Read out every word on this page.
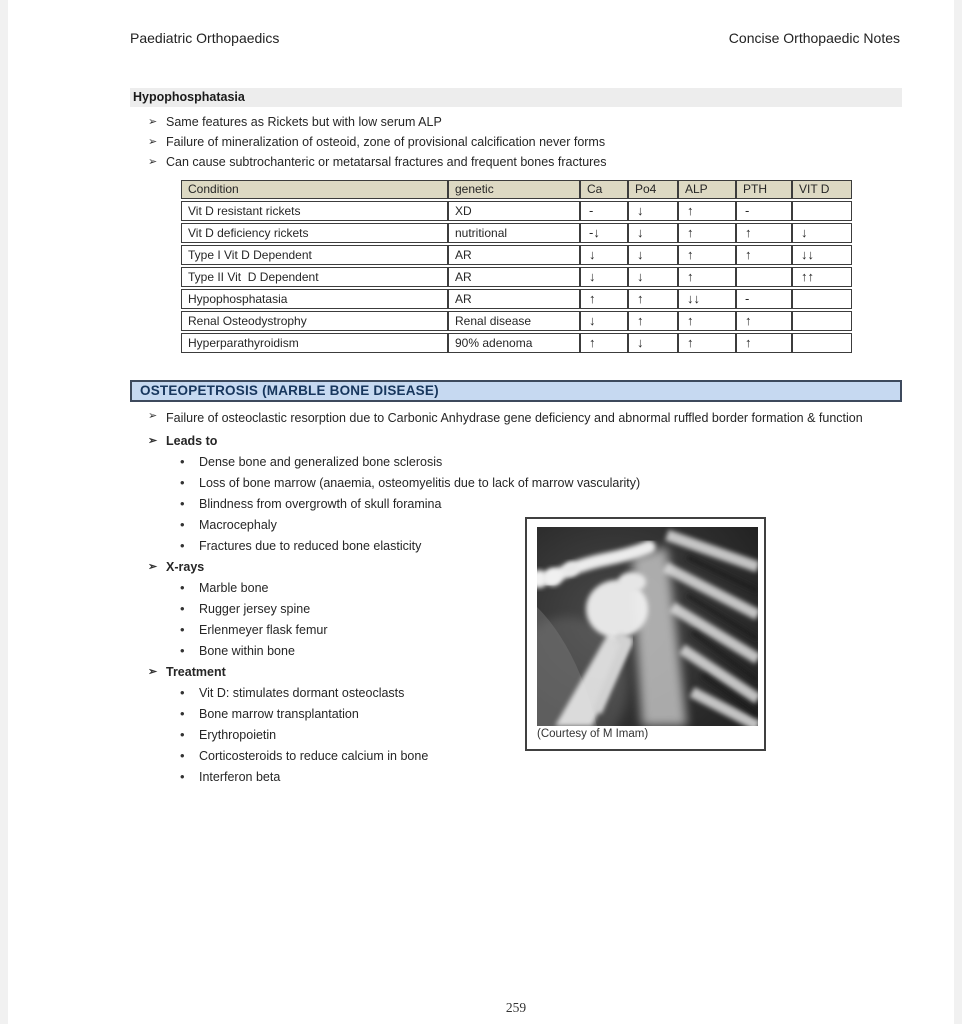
Paediatric Orthopaedics	Concise Orthopaedic Notes
Hypophosphatasia
➢ Same features as Rickets but with low serum ALP
➢ Failure of mineralization of osteoid, zone of provisional calcification never forms
➢ Can cause subtrochanteric or metatarsal fractures and frequent bones fractures
Condition	genetic	Ca	Po4	ALP	PTH	VIT D
Vit D resistant rickets	XD	-	↓	↑	-	
Vit D deficiency rickets	nutritional	-↓	↓	↑	↑	↓
Type I Vit D Dependent	AR	↓	↓	↑	↑	↓↓
Type II Vit  D Dependent	AR	↓	↓	↑		↑↑
Hypophosphatasia	AR	↑	↑	↓↓	-	
Renal Osteodystrophy	Renal disease	↓	↑	↑	↑	
Hyperparathyroidism	90% adenoma	↑	↓	↑	↑	
OSTEOPETROSIS (MARBLE BONE DISEASE)
➢ Failure of osteoclastic resorption due to Carbonic Anhydrase gene deficiency and abnormal ruffled border formation & function
➢ Leads to
• Dense bone and generalized bone sclerosis
• Loss of bone marrow (anaemia, osteomyelitis due to lack of marrow vascularity)
• Blindness from overgrowth of skull foramina
• Macrocephaly
• Fractures due to reduced bone elasticity
➢ X-rays
• Marble bone
• Rugger jersey spine
• Erlenmeyer flask femur
• Bone within bone
➢ Treatment
• Vit D: stimulates dormant osteoclasts
• Bone marrow transplantation
• Erythropoietin
• Corticosteroids to reduce calcium in bone
• Interferon beta
(Courtesy of M Imam)
259
